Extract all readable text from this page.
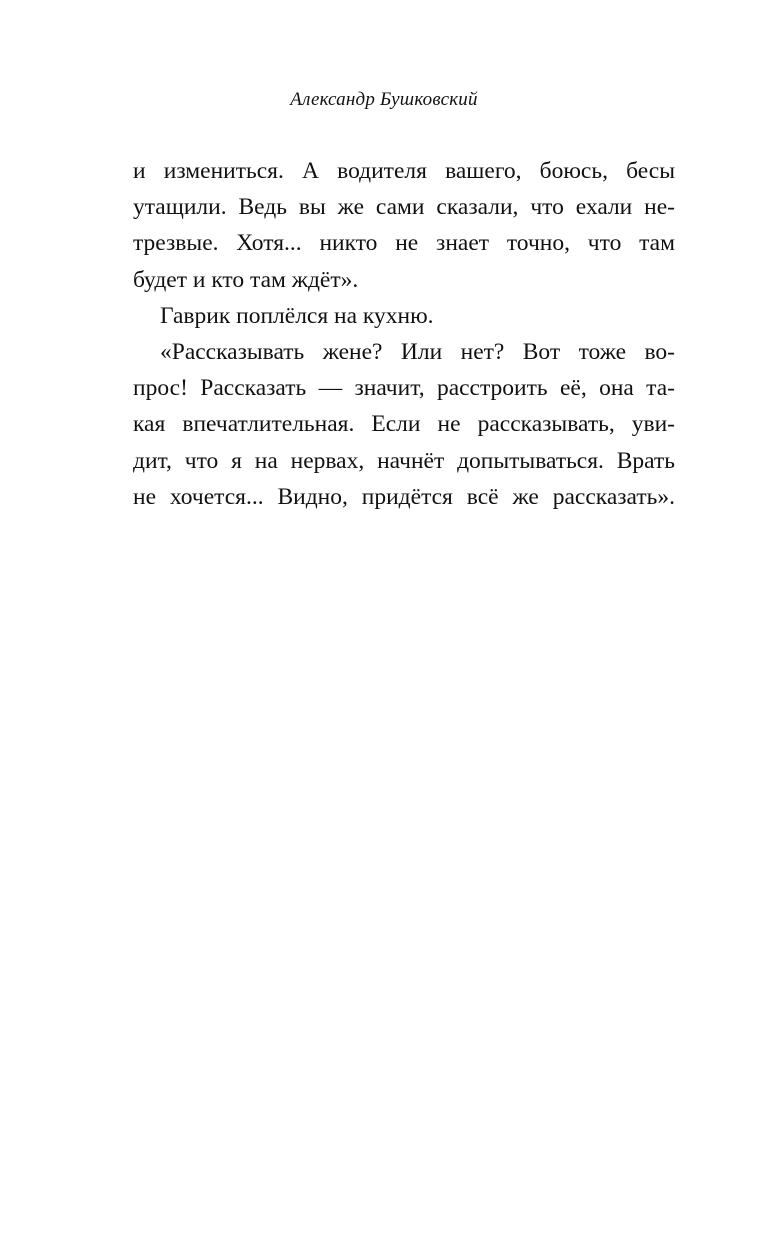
Александр Бушковский
и измениться. А водителя вашего, боюсь, бесы
утащили. Ведь вы же сами сказали, что ехали не-
трезвые. Хотя... никто не знает точно, что там
будет и кто там ждёт».
Гаврик поплёлся на кухню.
«Рассказывать жене? Или нет? Вот тоже во-
прос! Рассказать — значит, расстроить её, она та-
кая впечатлительная. Если не рассказывать, уви-
дит, что я на нервах, начнёт допытываться. Врать
не хочется... Видно, придётся всё же рассказать».
